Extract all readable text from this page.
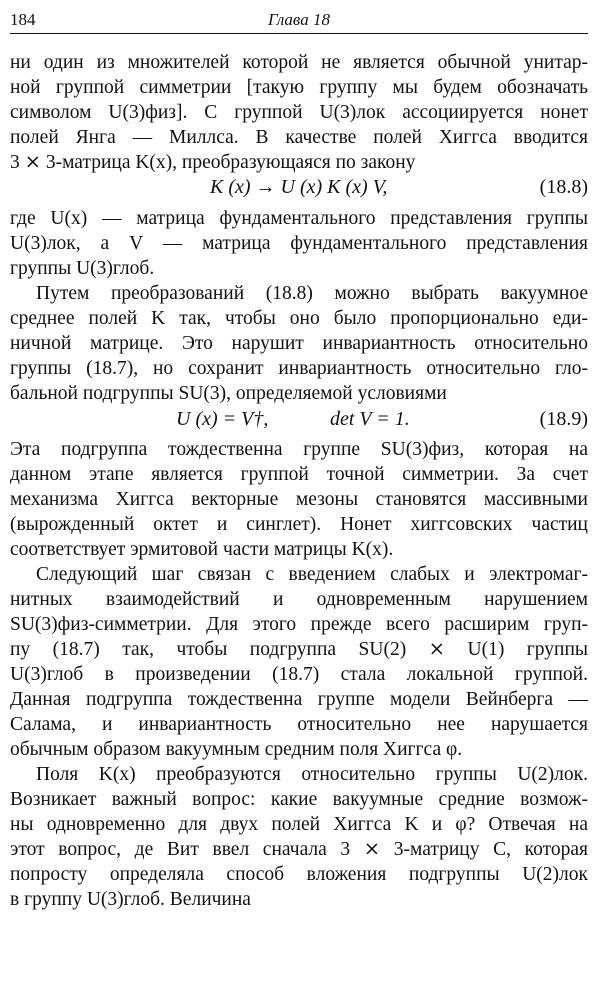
184	Глава 18
ни один из множителей которой не является обычной унитар-
ной группой симметрии [такую группу мы будем обозначать
символом U(3)физ]. С группой U(3)лок ассоциируется нонет
полей Янга — Миллса. В качестве полей Хиггса вводится
3 ⨯ 3-матрица K(x), преобразующаяся по закону
K (x) → U (x) K (x) V,	(18.8)
где U(x) — матрица фундаментального представления группы
U(3)лок, а V — матрица фундаментального представления
группы U(3)глоб.
Путем преобразований (18.8) можно выбрать вакуумное
среднее полей K так, чтобы оно было пропорционально еди-
ничной матрице. Это нарушит инвариантность относительно
группы (18.7), но сохранит инвариантность относительно гло-
бальной подгруппы SU(3), определяемой условиями
U (x) = V†,	det V = 1.	(18.9)
Эта подгруппа тождественна группе SU(3)физ, которая на
данном этапе является группой точной симметрии. За счет
механизма Хиггса векторные мезоны становятся массивными
(вырожденный октет и синглет). Нонет хиггсовских частиц
соответствует эрмитовой части матрицы K(x).
Следующий шаг связан с введением слабых и электромаг-
нитных взаимодействий и одновременным нарушением
SU(3)физ-симметрии. Для этого прежде всего расширим груп-
пу (18.7) так, чтобы подгруппа SU(2) ⨯ U(1) группы
U(3)глоб в произведении (18.7) стала локальной группой.
Данная подгруппа тождественна группе модели Вейнберга —
Салама, и инвариантность относительно нее нарушается
обычным образом вакуумным средним поля Хиггса φ.
Поля K(x) преобразуются относительно группы U(2)лок.
Возникает важный вопрос: какие вакуумные средние возмож-
ны одновременно для двух полей Хиггса K и φ? Отвечая на
этот вопрос, де Вит ввел сначала 3 ⨯ 3-матрицу C, которая
попросту определяла способ вложения подгруппы U(2)лок
в группу U(3)глоб. Величина
